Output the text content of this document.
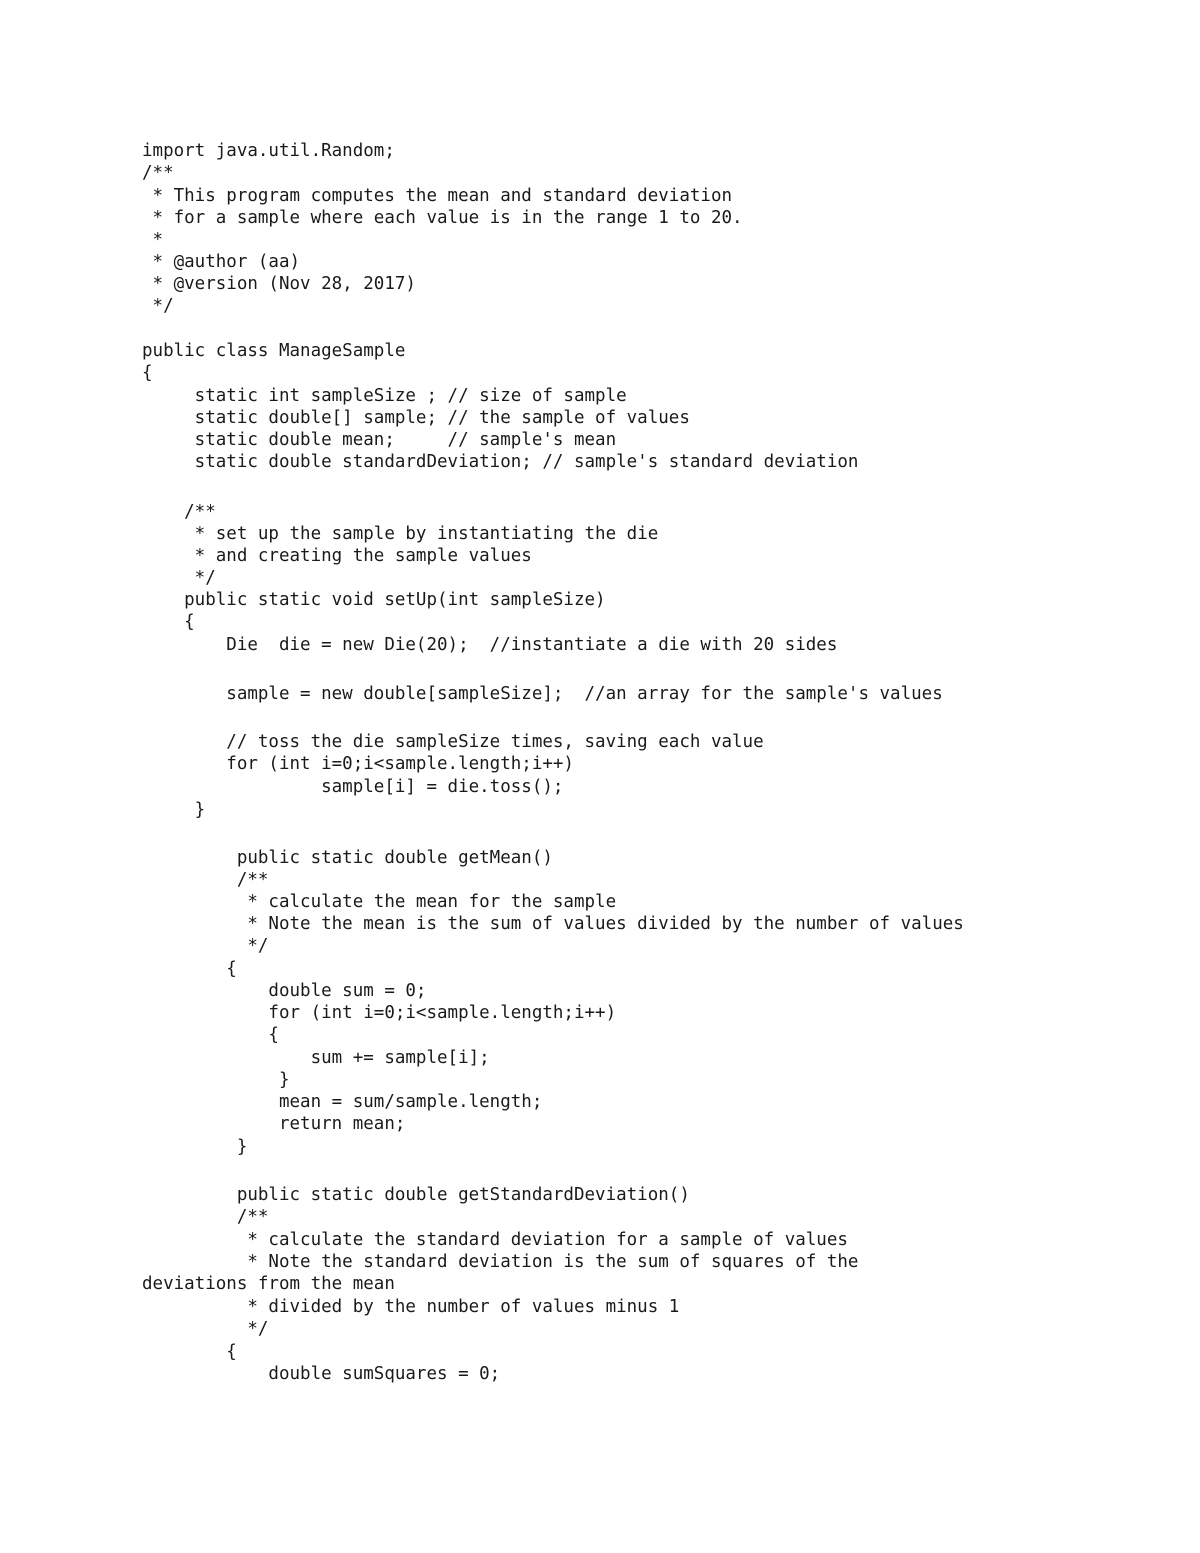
import java.util.Random;
/**
* This program computes the mean and standard deviation
* for a sample where each value is in the range 1 to 20.
*
* @author (aa)
* @version (Nov 28, 2017)
*/
public class ManageSample
{
static int sampleSize ; // size of sample
static double[] sample; // the sample of values
static double mean;     // sample's mean
static double standardDeviation; // sample's standard deviation
/**
* set up the sample by instantiating the die
* and creating the sample values
*/
public static void setUp(int sampleSize)
{
Die  die = new Die(20);  //instantiate a die with 20 sides
sample = new double[sampleSize];  //an array for the sample's values
// toss the die sampleSize times, saving each value
for (int i=0;i<sample.length;i++)
sample[i] = die.toss();
}
public static double getMean()
/**
* calculate the mean for the sample
* Note the mean is the sum of values divided by the number of values
*/
{
double sum = 0;
for (int i=0;i<sample.length;i++)
{
sum += sample[i];
}
mean = sum/sample.length;
return mean;
}
public static double getStandardDeviation()
/**
* calculate the standard deviation for a sample of values
* Note the standard deviation is the sum of squares of the
deviations from the mean
* divided by the number of values minus 1
*/
{
double sumSquares = 0;
